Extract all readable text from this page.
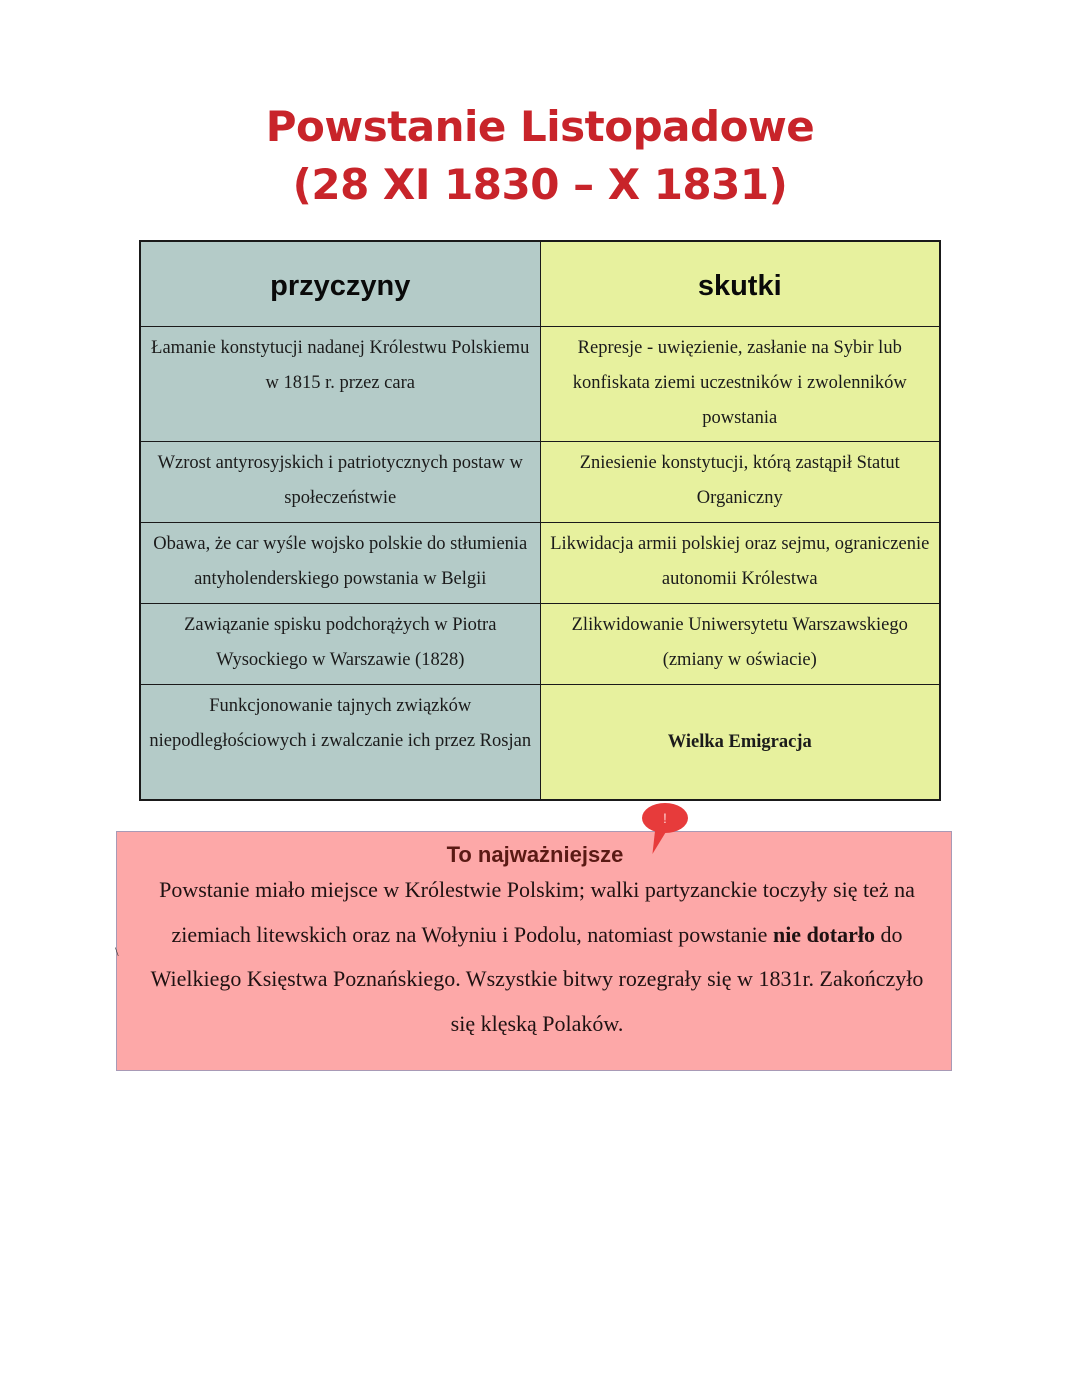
Powstanie Listopadowe
(28 XI 1830 – X 1831)
przyczyny	skutki
Łamanie konstytucji nadanej Królestwu Polskiemu w 1815 r. przez cara	Represje - uwięzienie, zasłanie na Sybir lub konfiskata ziemi uczestników i zwolenników powstania
Wzrost antyrosyjskich i patriotycznych postaw w społeczeństwie	Zniesienie konstytucji, którą zastąpił Statut Organiczny
Obawa, że car wyśle wojsko polskie do stłumienia antyholenderskiego powstania w Belgii	Likwidacja armii polskiej oraz sejmu, ograniczenie autonomii Królestwa
Zawiązanie spisku podchorążych w Piotra Wysockiego w Warszawie (1828)	Zlikwidowanie Uniwersytetu Warszawskiego (zmiany w oświacie)
Funkcjonowanie tajnych związków niepodległościowych i zwalczanie ich przez Rosjan	Wielka Emigracja
To najważniejsze

Powstanie miało miejsce w Królestwie Polskim; walki partyzanckie toczyły się też na ziemiach litewskich oraz na Wołyniu i Podolu, natomiast powstanie nie dotarło do Wielkiego Księstwa Poznańskiego. Wszystkie bitwy rozegrały się w 1831r. Zakończyło się klęską Polaków.

\
!
